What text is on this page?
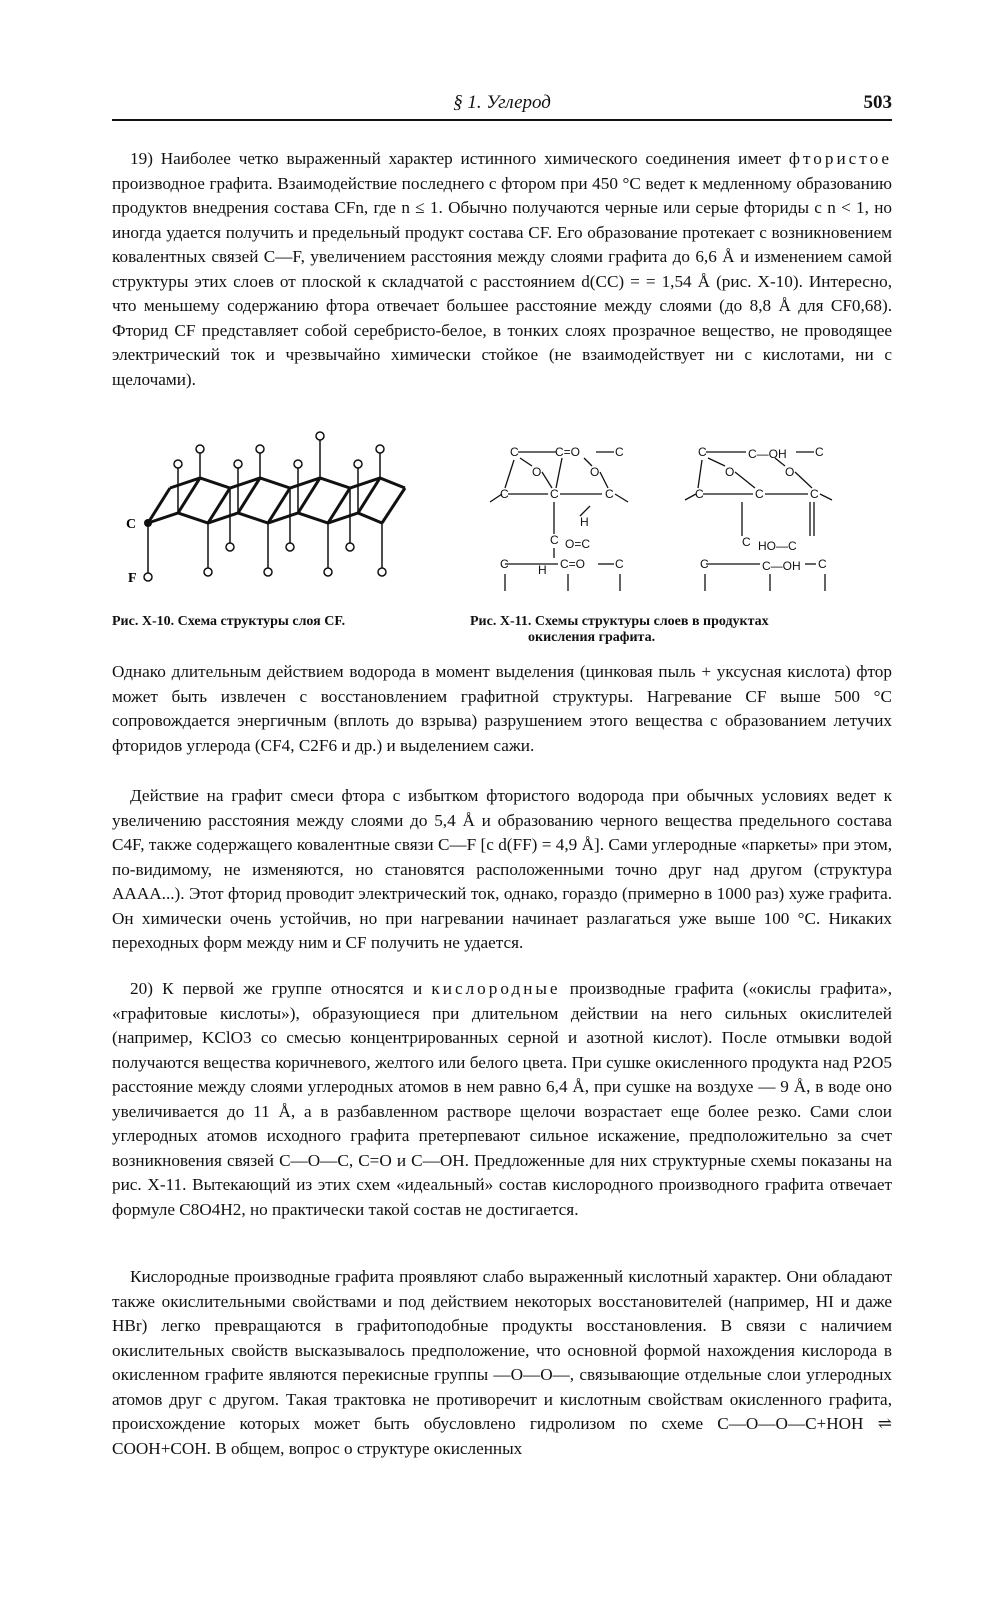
§ 1. Углерод	503

19) Наиболее четко выраженный характер истинного химического соединения имеет фтористое производное графита. Взаимодействие последнего с фтором при 450 °С ведет к медленному образованию продуктов внедрения состава CFn, где n ≤ 1. Обычно получаются черные или серые фториды с n < 1, но иногда удается получить и предельный продукт состава CF. Его образование протекает с возникновением ковалентных связей C—F, увеличением расстояния между слоями графита до 6,6 Å и изменением самой структуры этих слоев от плоской к складчатой с расстоянием d(CC) = = 1,54 Å (рис. X-10). Интересно, что меньшему содержанию фтора отвечает большее расстояние между слоями (до 8,8 Å для CF0,68). Фторид CF представляет собой серебристо-белое, в тонких слоях прозрачное вещество, не проводящее электрический ток и чрезвычайно химически стойкое (не взаимодействует ни с кислотами, ни с щелочами).

C
F
Рис. X-10. Схема структуры слоя CF.
C	C=O	C
O	O
C	C	C
H
C O=C
C H C=O C
C	C—OH C
O	O
C	C	C
C HO—C
C	C—OH C
Рис. X-11. Схемы структуры слоев в продуктах
окисления графита.

Однако длительным действием водорода в момент выделения (цинковая пыль + уксусная кислота) фтор может быть извлечен с восстановлением графитной структуры. Нагревание CF выше 500 °С сопровождается энергичным (вплоть до взрыва) разрушением этого вещества с образованием летучих фторидов углерода (CF4, C2F6 и др.) и выделением сажи.

Действие на графит смеси фтора с избытком фтористого водорода при обычных условиях ведет к увеличению расстояния между слоями до 5,4 Å и образованию черного вещества предельного состава C4F, также содержащего ковалентные связи C—F [с d(FF) = 4,9 Å]. Сами углеродные «паркеты» при этом, по-видимому, не изменяются, но становятся расположенными точно друг над другом (структура AAAA...). Этот фторид проводит электрический ток, однако, гораздо (примерно в 1000 раз) хуже графита. Он химически очень устойчив, но при нагревании начинает разлагаться уже выше 100 °С. Никаких переходных форм между ним и CF получить не удается.

20) К первой же группе относятся и кислородные производные графита («окислы графита», «графитовые кислоты»), образующиеся при длительном действии на него сильных окислителей (например, KClO3 со смесью концентрированных серной и азотной кислот). После отмывки водой получаются вещества коричневого, желтого или белого цвета. При сушке окисленного продукта над P2O5 расстояние между слоями углеродных атомов в нем равно 6,4 Å, при сушке на воздухе — 9 Å, в воде оно увеличивается до 11 Å, а в разбавленном растворе щелочи возрастает еще более резко. Сами слои углеродных атомов исходного графита претерпевают сильное искажение, предположительно за счет возникновения связей C—O—C, C=O и C—OH. Предложенные для них структурные схемы показаны на рис. X-11. Вытекающий из этих схем «идеальный» состав кислородного производного графита отвечает формуле C8O4H2, но практически такой состав не достигается.

Кислородные производные графита проявляют слабо выраженный кислотный характер. Они обладают также окислительными свойствами и под действием некоторых восстановителей (например, HI и даже HBr) легко превращаются в графитоподобные продукты восстановления. В связи с наличием окислительных свойств высказывалось предположение, что основной формой нахождения кислорода в окисленном графите являются перекисные группы —O—O—, связывающие отдельные слои углеродных атомов друг с другом. Такая трактовка не противоречит и кислотным свойствам окисленного графита, происхождение которых может быть обусловлено гидролизом по схеме C—O—O—C+HOH ⇌ COOH+COH. В общем, вопрос о структуре окисленных
